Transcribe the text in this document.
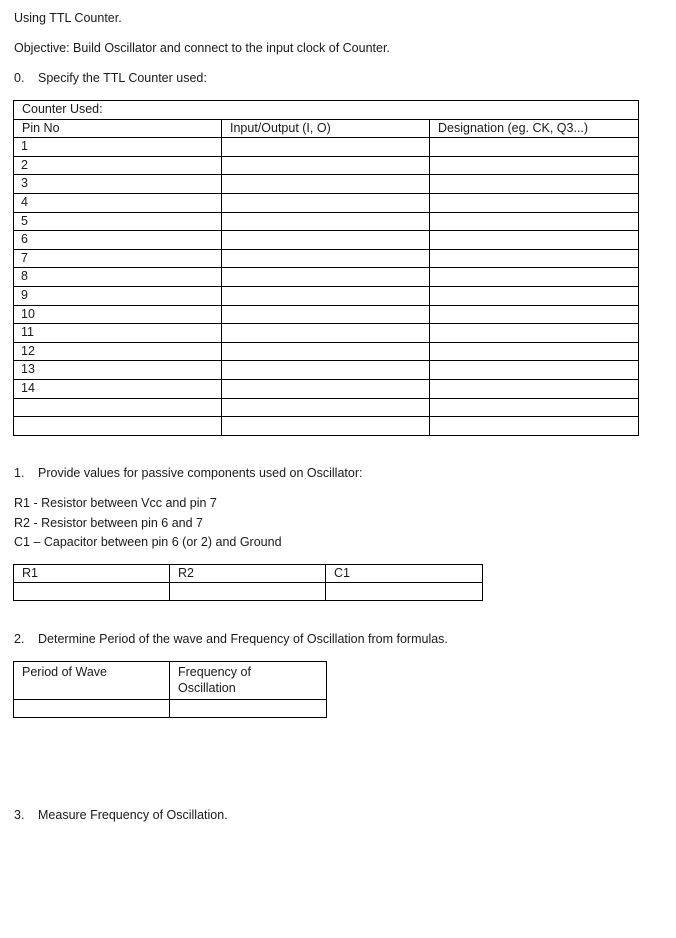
Using TTL Counter.
Objective: Build Oscillator and connect to the input clock of Counter.
0. Specify the TTL Counter used:
Counter Used:		
Pin No	Input/Output (I, O)	Designation (eg. CK, Q3...)
1		
2		
3		
4		
5		
6		
7		
8		
9		
10		
11		
12		
13		
14		

1. Provide values for passive components used on Oscillator:
R1 - Resistor between Vcc and pin 7
R2 - Resistor between pin 6 and 7
C1 – Capacitor between pin 6 (or 2) and Ground
R1	R2	C1

2. Determine Period of the wave and Frequency of Oscillation from formulas.
Period of Wave	Frequency of Oscillation

3. Measure Frequency of Oscillation.
